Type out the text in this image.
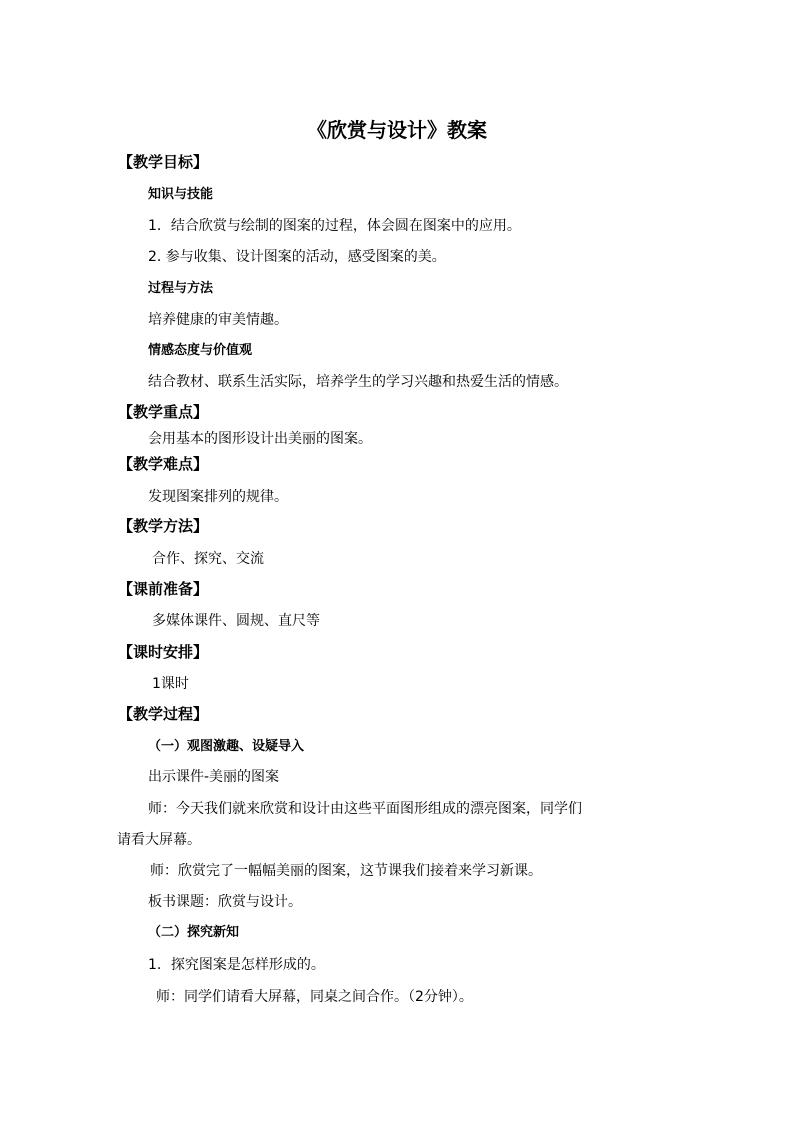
《欣赏与设计》教案
【教学目标】
知识与技能
1．结合欣赏与绘制的图案的过程，体会圆在图案中的应用。
2. 参与收集、设计图案的活动，感受图案的美。
过程与方法
培养健康的审美情趣。
情感态度与价值观
结合教材、联系生活实际，培养学生的学习兴趣和热爱生活的情感。
【教学重点】
会用基本的图形设计出美丽的图案。
【教学难点】
发现图案排列的规律。
【教学方法】
合作、探究、交流
【课前准备】
多媒体课件、圆规、直尺等
【课时安排】
1课时
【教学过程】
（一）观图激趣、设疑导入
出示课件-美丽的图案
师：今天我们就来欣赏和设计由这些平面图形组成的漂亮图案，同学们
请看大屏幕。
师：欣赏完了一幅幅美丽的图案，这节课我们接着来学习新课。
板书课题：欣赏与设计。
（二）探究新知
1．探究图案是怎样形成的。
师：同学们请看大屏幕，同桌之间合作。（2分钟）。
